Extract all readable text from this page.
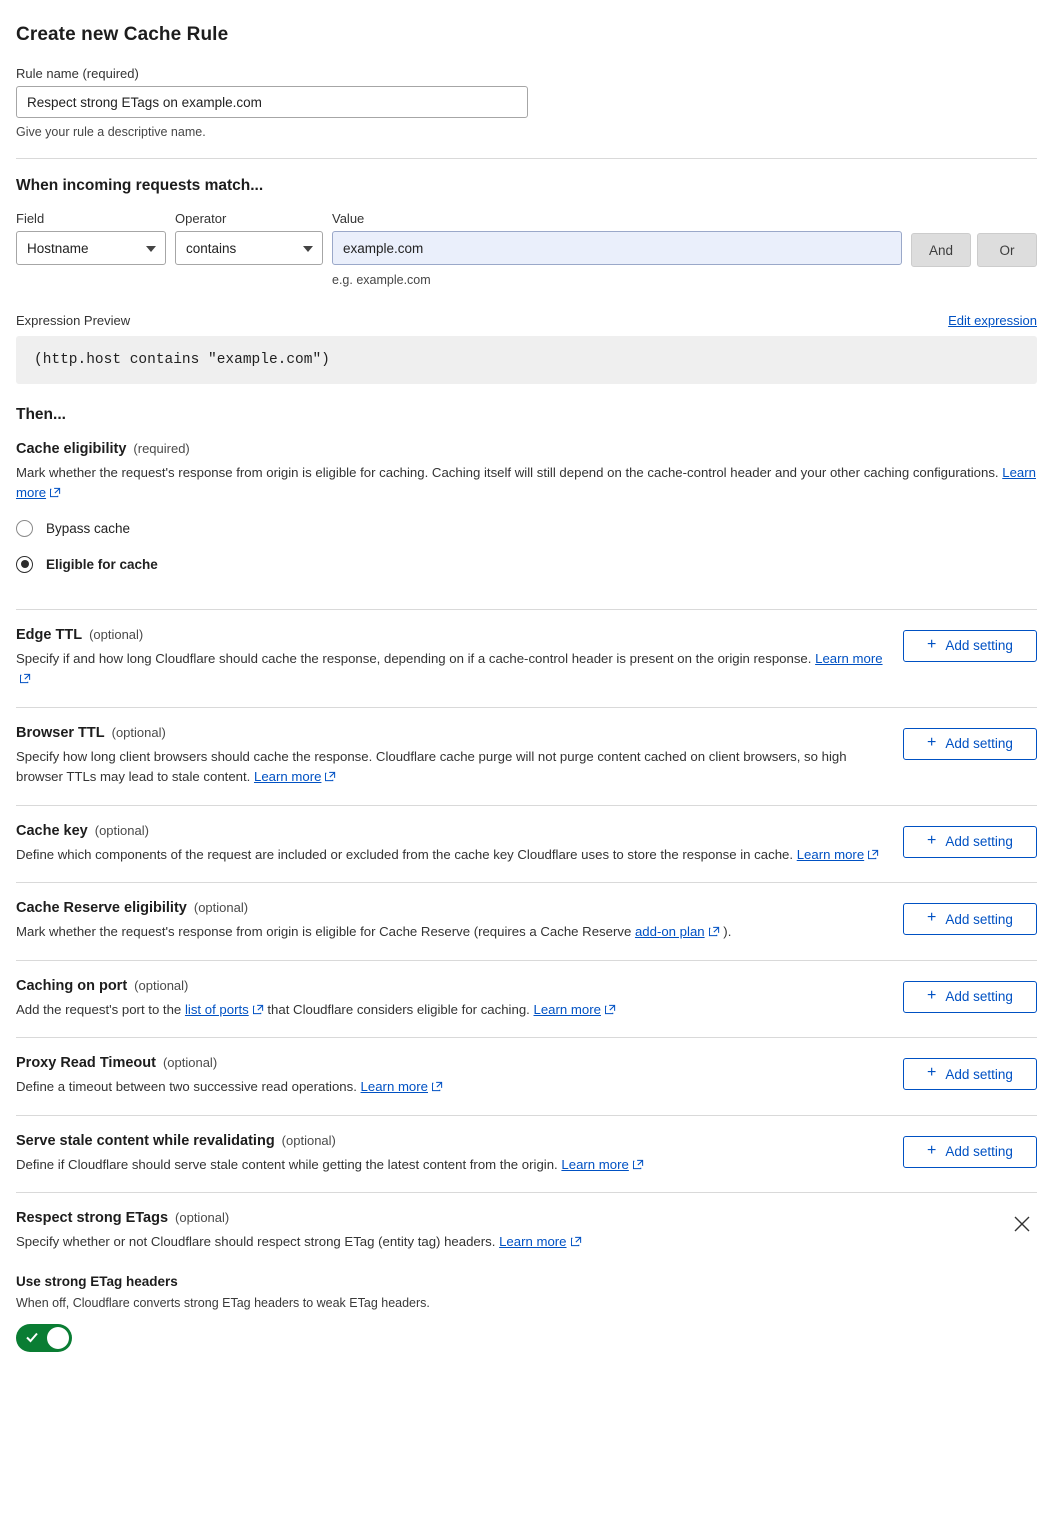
Create new Cache Rule
Rule name (required)
Respect strong ETags on example.com
Give your rule a descriptive name.
When incoming requests match...
Field
Hostname
Operator
contains
Value
example.com
e.g. example.com
And	Or
Expression Preview	Edit expression
(http.host contains "example.com")
Then...
Cache eligibility (required)
Mark whether the request's response from origin is eligible for caching. Caching itself will still depend on the cache-control header and your other caching configurations. Learn more
Bypass cache
Eligible for cache
Edge TTL (optional)
Specify if and how long Cloudflare should cache the response, depending on if a cache-control header is present on the origin response. Learn more
+ Add setting
Browser TTL (optional)
Specify how long client browsers should cache the response. Cloudflare cache purge will not purge content cached on client browsers, so high browser TTLs may lead to stale content. Learn more
+ Add setting
Cache key (optional)
Define which components of the request are included or excluded from the cache key Cloudflare uses to store the response in cache. Learn more
+ Add setting
Cache Reserve eligibility (optional)
Mark whether the request's response from origin is eligible for Cache Reserve (requires a Cache Reserve add-on plan ).
+ Add setting
Caching on port (optional)
Add the request's port to the list of ports that Cloudflare considers eligible for caching. Learn more
+ Add setting
Proxy Read Timeout (optional)
Define a timeout between two successive read operations. Learn more
+ Add setting
Serve stale content while revalidating (optional)
Define if Cloudflare should serve stale content while getting the latest content from the origin. Learn more
+ Add setting
Respect strong ETags (optional)
Specify whether or not Cloudflare should respect strong ETag (entity tag) headers. Learn more
Use strong ETag headers
When off, Cloudflare converts strong ETag headers to weak ETag headers.
